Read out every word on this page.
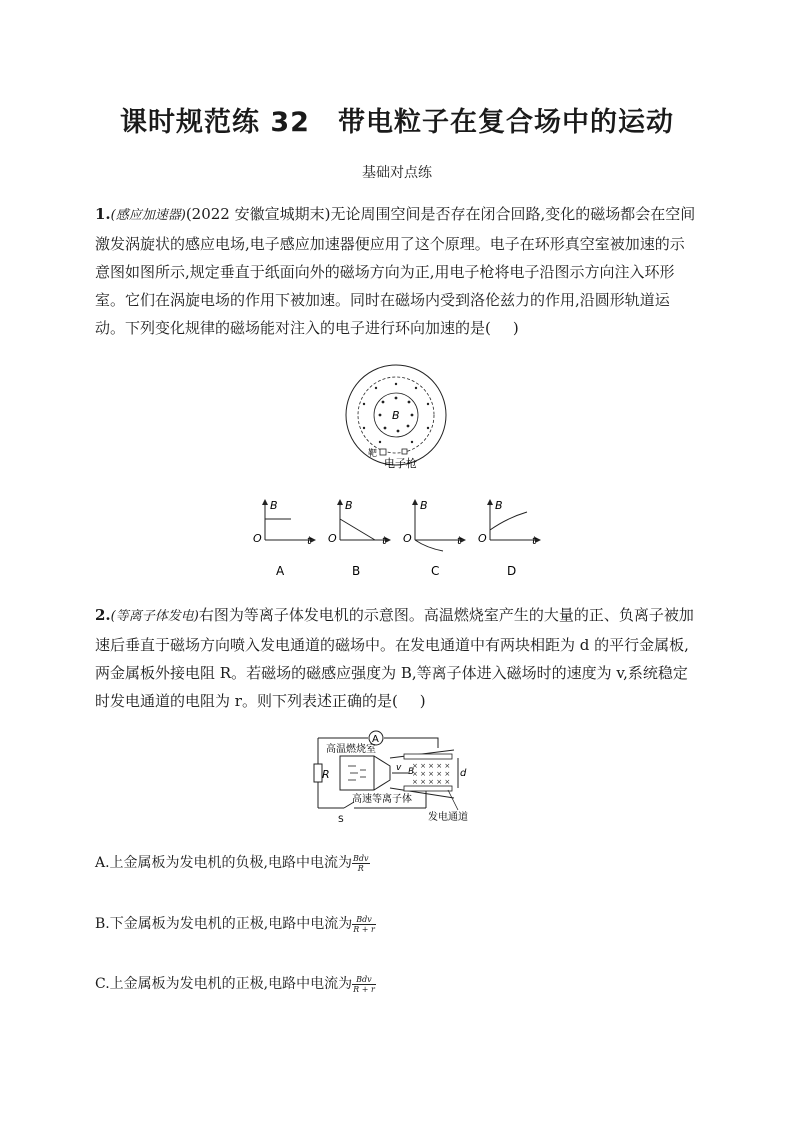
课时规范练 32　带电粒子在复合场中的运动
基础对点练
1.(感应加速器)(2022 安徽宣城期末)无论周围空间是否存在闭合回路,变化的磁场都会在空间激发涡旋状的感应电场,电子感应加速器便应用了这个原理。电子在环形真空室被加速的示意图如图所示,规定垂直于纸面向外的磁场方向为正,用电子枪将电子沿图示方向注入环形室。它们在涡旋电场的作用下被加速。同时在磁场内受到洛伦兹力的作用,沿圆形轨道运动。下列变化规律的磁场能对注入的电子进行环向加速的是( )
B
靶
电子枪
B
O	t
A
B
O	t
B
B
O	t
C
B
O	t
D
2.(等离子体发电)右图为等离子体发电机的示意图。高温燃烧室产生的大量的正、负离子被加速后垂直于磁场方向喷入发电通道的磁场中。在发电通道中有两块相距为 d 的平行金属板,两金属板外接电阻 R。若磁场的磁感应强度为 B,等离子体进入磁场时的速度为 v,系统稳定时发电通道的电阻为 r。则下列表述正确的是( )
A
R
S
高温燃烧室
× × × × ×
× × × × ×
× × × × ×
v B	d
高速等离子体
发电通道
A.上金属板为发电机的负极,电路中电流为 $\frac{\text{Bdv}}{R}$
B.下金属板为发电机的正极,电路中电流为 $\frac{\text{Bdv}}{R + r}$
C.上金属板为发电机的正极,电路中电流为 $\frac{\text{Bdv}}{R + r}$
